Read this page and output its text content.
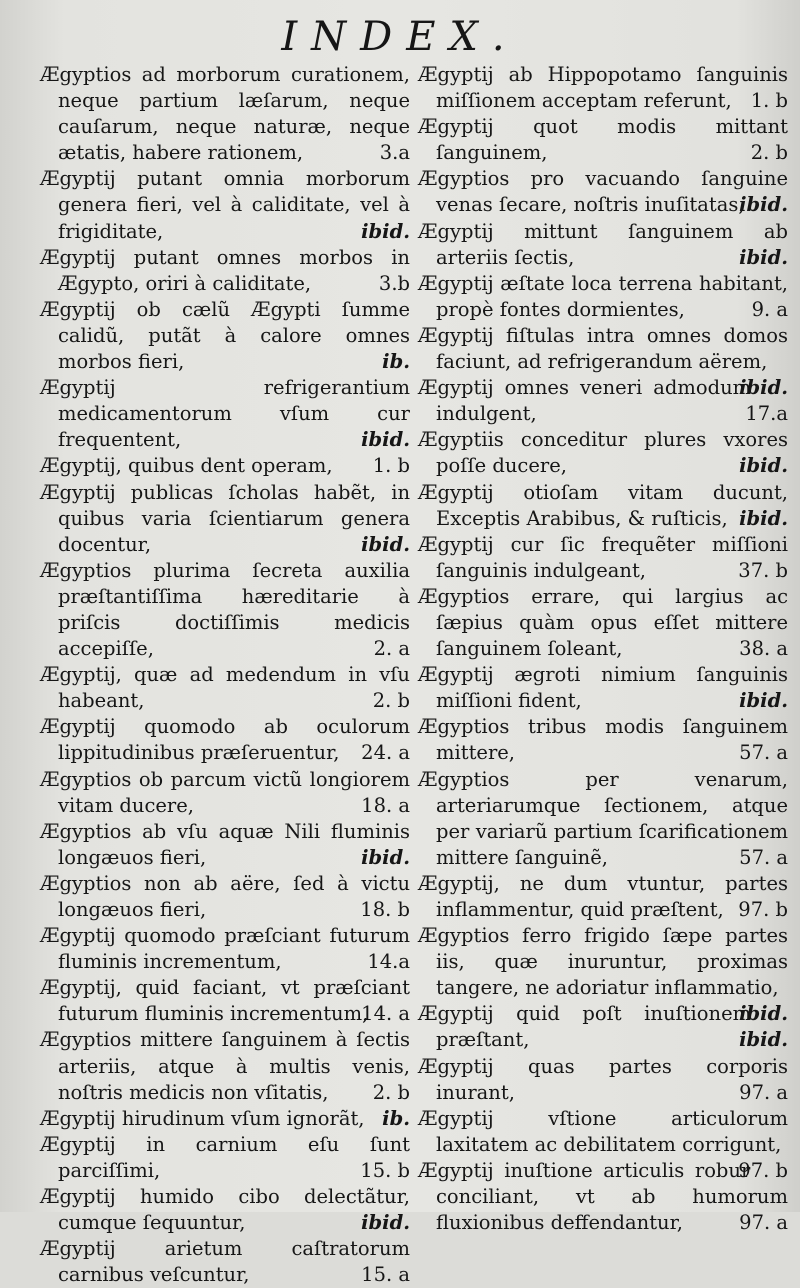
INDEX.
Ægyptios ad morborum curationem, neque partium læſarum, neque cauſarum, neque naturæ, neque ætatis, habere rationem,	3.a
Ægyptij putant omnia morborum genera fieri, vel à caliditate, vel à frigiditate,	ibid.
Ægyptij putant omnes morbos in Ægypto, oriri à caliditate,	3.b
Ægyptij ob cælũ Ægypti ſumme calidũ, putãt à calore omnes morbos fieri,	ib.
Ægyptij refrigerantium medicamentorum vſum cur frequentent,	ibid.
Ægyptij, quibus dent operam, 1. b
Ægyptij publicas ſcholas habẽt, in quibus varia ſcientiarum genera docentur,	ibid.
Ægyptios plurima ſecreta auxilia præſtantiſſima hæreditarie à priſcis doctiſſimis medicis accepiſſe,	2. a
Ægyptij, quæ ad medendum in vſu habeant,	2. b
Ægyptij quomodo ab oculorum lippitudinibus præſeruentur, 24. a
Ægyptios ob parcum victũ longiorem vitam ducere,	18. a
Ægyptios ab vſu aquæ Nili fluminis longæuos fieri,	ibid.
Ægyptios non ab aëre, ſed à victu longæuos fieri,	18. b
Ægyptij quomodo præſciant futurum fluminis incrementum,	14.a
Ægyptij, quid faciant, vt præſciant futurum fluminis incrementum,
14. a
Ægyptios mittere ſanguinem à ſectis arteriis, atque à multis venis, noſtris medicis non vſitatis, 2. b
Ægyptij hirudinum vſum ignorãt, ib.
Ægyptij in carnium eſu ſunt parciſſimi,	15. b
Ægyptij humido cibo delectãtur, cumque ſequuntur,	ibid.
Ægyptij arietum caſtratorum carnibus veſcuntur,	15. a
Ægyptij ab Hippopotamo ſanguinis miſſionem acceptam referunt, 1. b
Ægyptij quot modis mittant ſanguinem,	2. b
Ægyptios pro vacuando ſanguine venas ſecare, noſtris inuſitatas,
ibid.
Ægyptij mittunt ſanguinem ab arteriis ſectis,	ibid.
Ægyptij æſtate loca terrena habitant, propè fontes dormientes,	9. a
Ægyptij fiſtulas intra omnes domos faciunt, ad refrigerandum aërem,
ibid.
Ægyptij omnes veneri admodum indulgent,	17.a
Ægyptiis conceditur plures vxores poſſe ducere,	ibid.
Ægyptij otioſam vitam ducunt, Exceptis Arabibus, & ruſticis, ibid.
Ægyptij cur ſic frequẽter miſſioni ſanguinis indulgeant,	37. b
Ægyptios errare, qui largius ac ſæpius quàm opus eſſet mittere ſanguinem ſoleant,	38. a
Ægyptij ægroti nimium ſanguinis miſſioni fident,	ibid.
Ægyptios tribus modis ſanguinem mittere,	57. a
Ægyptios per venarum, arteriarumque ſectionem, atque per variarũ partium ſcarificationem mittere ſanguinẽ,	57. a
Ægyptij, ne dum vtuntur, partes inflammentur, quid præſtent, 97. b
Ægyptios ferro frigido ſæpe partes iis, quæ inuruntur, proximas tangere, ne adoriatur inflammatio,
ibid.
Ægyptij quid poſt inuſtionem præſtant,	ibid.
Ægyptij quas partes corporis inurant,	97. a
Ægyptij vſtione articulorum laxitatem ac debilitatem corrigunt,
97. b
Ægyptij inuſtione articulis robur conciliant, vt ab humorum fluxionibus deffendantur,	97. a
